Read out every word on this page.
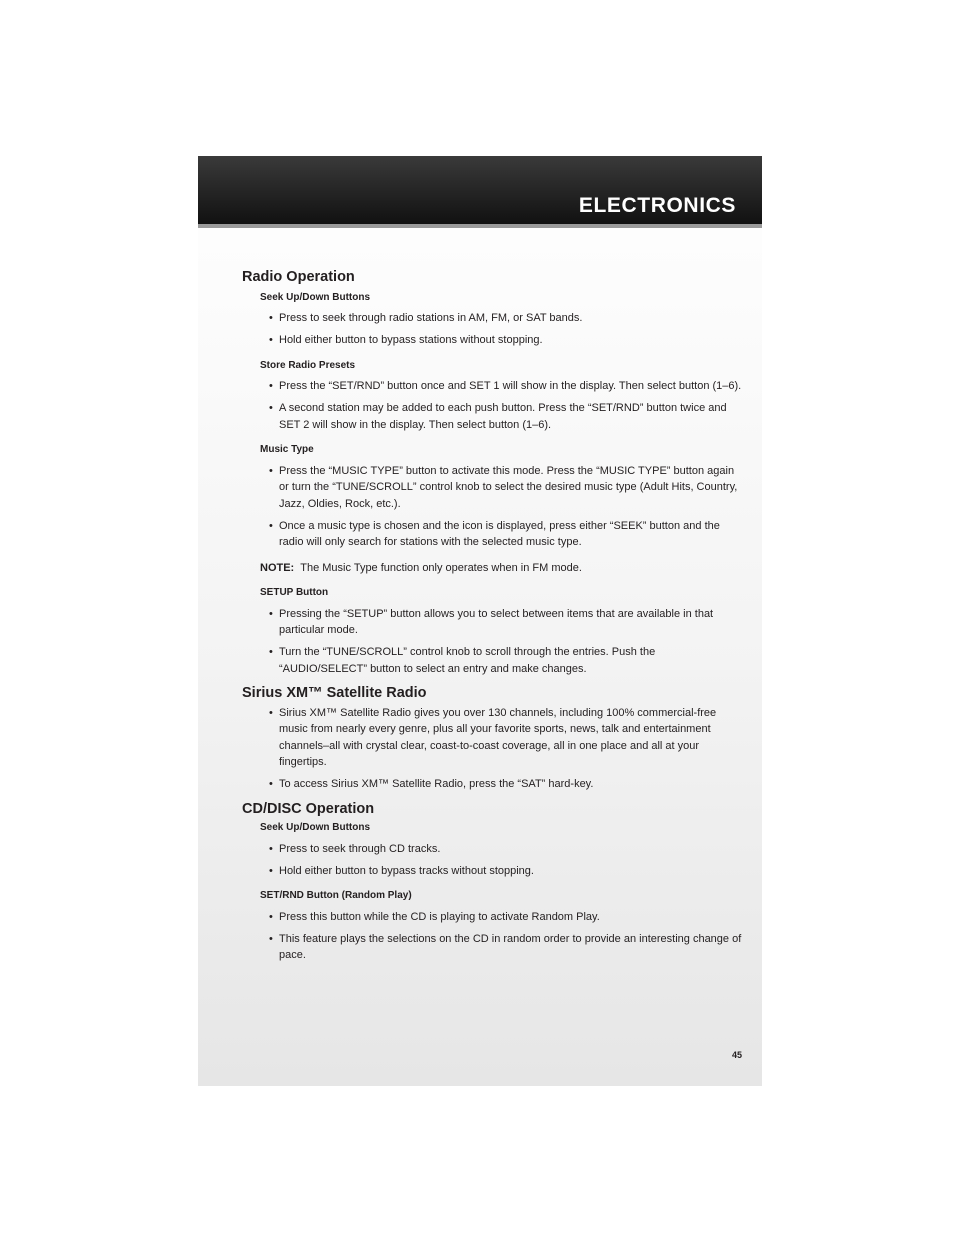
ELECTRONICS
Radio Operation
Seek Up/Down Buttons
• Press to seek through radio stations in AM, FM, or SAT bands.
• Hold either button to bypass stations without stopping.
Store Radio Presets
• Press the “SET/RND” button once and SET 1 will show in the display. Then select button (1–6).
• A second station may be added to each push button. Press the “SET/RND” button twice and SET 2 will show in the display. Then select button (1–6).
Music Type
• Press the “MUSIC TYPE” button to activate this mode. Press the “MUSIC TYPE” button again or turn the “TUNE/SCROLL” control knob to select the desired music type (Adult Hits, Country, Jazz, Oldies, Rock, etc.).
• Once a music type is chosen and the icon is displayed, press either “SEEK” button and the radio will only search for stations with the selected music type.
NOTE: The Music Type function only operates when in FM mode.
SETUP Button
• Pressing the “SETUP” button allows you to select between items that are available in that particular mode.
• Turn the “TUNE/SCROLL” control knob to scroll through the entries. Push the “AUDIO/SELECT” button to select an entry and make changes.
Sirius XM™ Satellite Radio
• Sirius XM™ Satellite Radio gives you over 130 channels, including 100% commercial-free music from nearly every genre, plus all your favorite sports, news, talk and entertainment channels–all with crystal clear, coast-to-coast coverage, all in one place and all at your fingertips.
• To access Sirius XM™ Satellite Radio, press the “SAT” hard-key.
CD/DISC Operation
Seek Up/Down Buttons
• Press to seek through CD tracks.
• Hold either button to bypass tracks without stopping.
SET/RND Button (Random Play)
• Press this button while the CD is playing to activate Random Play.
• This feature plays the selections on the CD in random order to provide an interesting change of pace.
45
